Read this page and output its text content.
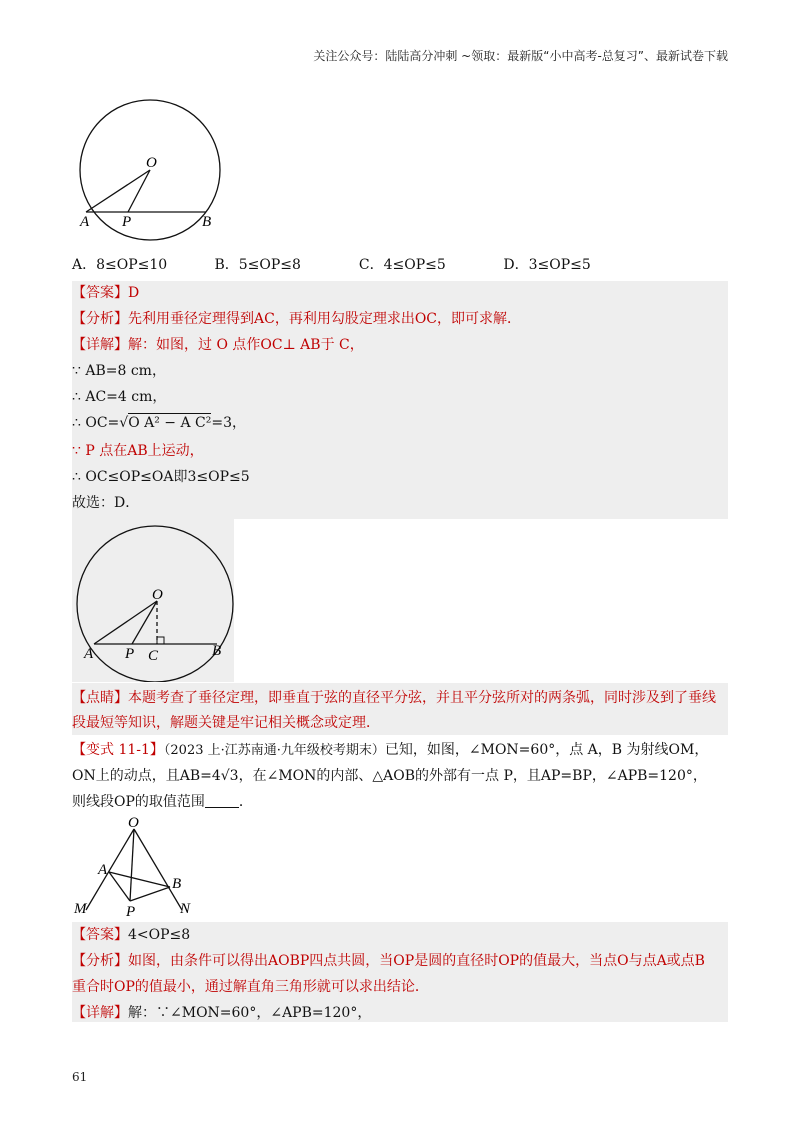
关注公众号：陆陆高分冲刺 ~领取：最新版“小中高考-总复习”、最新试卷下载
O
A P	B
A．8≤OP≤10	B．5≤OP≤8	C．4≤OP≤5	D．3≤OP≤5
【答案】D
【分析】先利用垂径定理得到AC，再利用勾股定理求出OC，即可求解．
【详解】解：如图，过 O 点作OC⊥ AB于 C，
∵ AB=8 cm，
∴ AC=4 cm，
∴ OC=√O A² − A C²=3，
∵ P 点在AB上运动，
∴ OC≤OP≤OA即3≤OP≤5
故选：D．
O
A P C	B
【点睛】本题考查了垂径定理，即垂直于弦的直径平分弦，并且平分弦所对的两条弧，同时涉及到了垂线
段最短等知识，解题关键是牢记相关概念或定理．
【变式 11-1】（2023 上·江苏南通·九年级校考期末）已知，如图，∠MON=60°，点 A，B 为射线OM，
ON上的动点，且AB=4√3，在∠MON的内部、△AOB的外部有一点 P，且AP=BP，∠APB=120°，
则线段OP的取值范围 ．
O
A
B
M	P	N
【答案】4<OP≤8
【分析】如图，由条件可以得出AOBP四点共圆，当OP是圆的直径时OP的值最大，当点O与点A或点B
重合时OP的值最小，通过解直角三角形就可以求出结论．
【详解】解：∵∠MON=60°，∠APB=120°，
61
